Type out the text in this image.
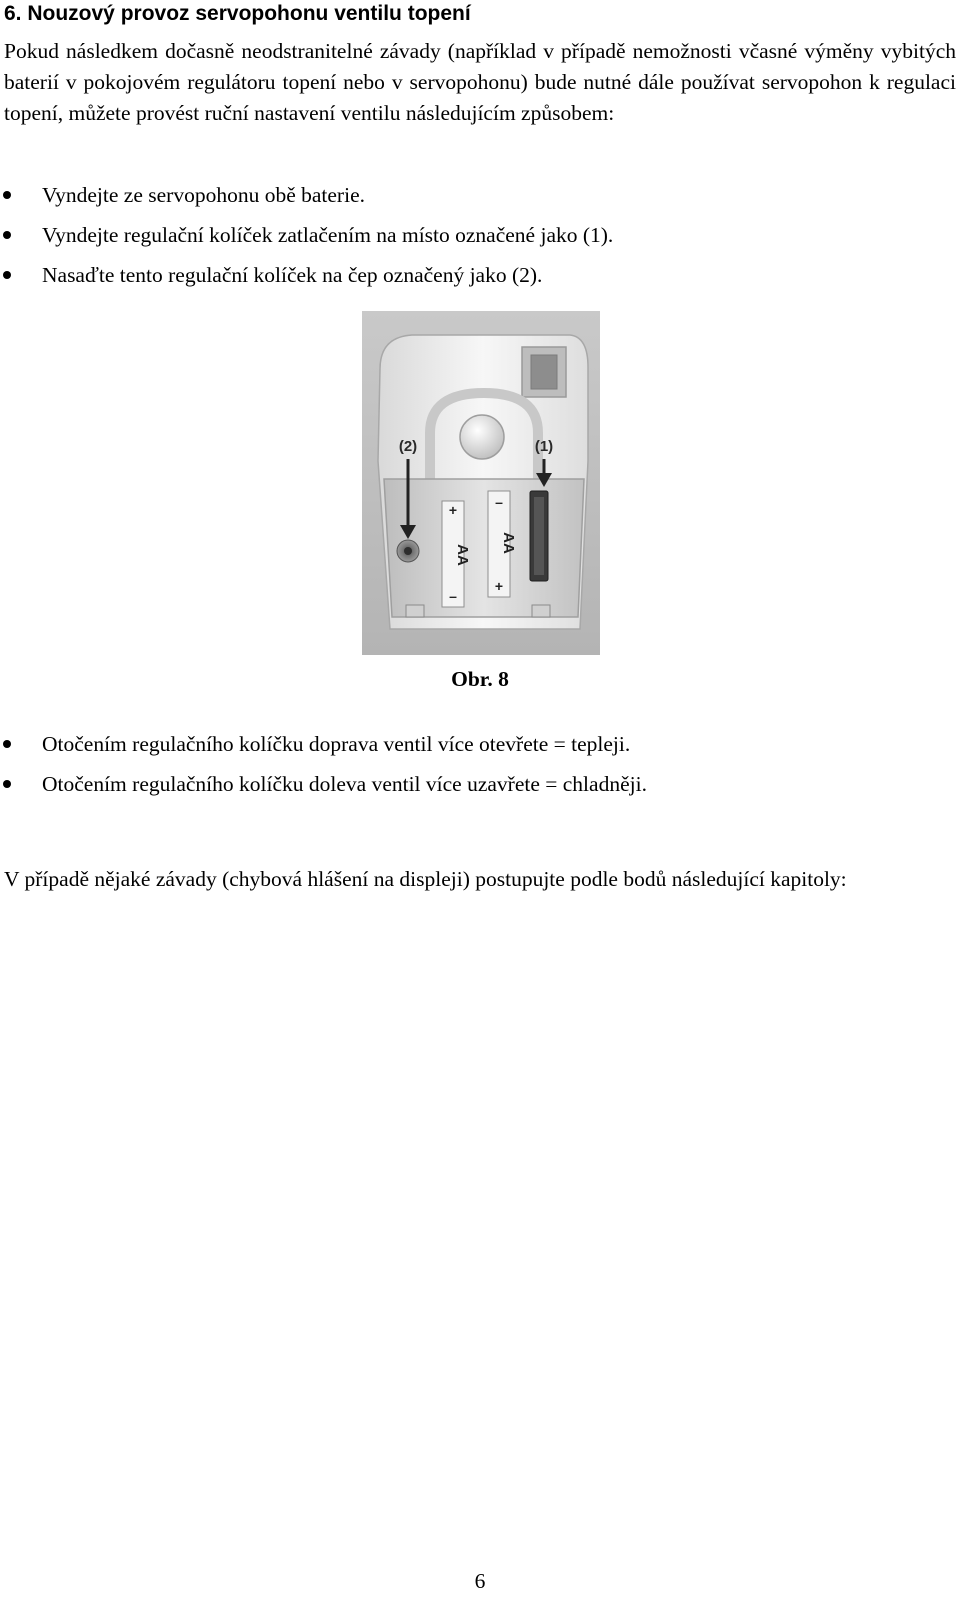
6. Nouzový provoz servopohonu ventilu topení

Pokud následkem dočasně neodstranitelné závady (například v případě nemožnosti včasné výměny vybitých baterií v pokojovém regulátoru topení nebo v servopohonu) bude nutné dále používat servopohon k regulaci topení, můžete provést ruční nastavení ventilu následujícím způsobem:

Vyndejte ze servopohonu obě baterie.
Vyndejte regulační kolíček zatlačením na místo označené jako (1).
Nasaďte tento regulační kolíček na čep označený jako (2).
+
AA
–
–
AA
+
(2)	(1)

Obr. 8

Otočením regulačního kolíčku doprava ventil více otevřete = tepleji.
Otočením regulačního kolíčku doleva ventil více uzavřete = chladněji.

V případě nějaké závady (chybová hlášení na displeji) postupujte podle bodů následující kapitoly:

6
